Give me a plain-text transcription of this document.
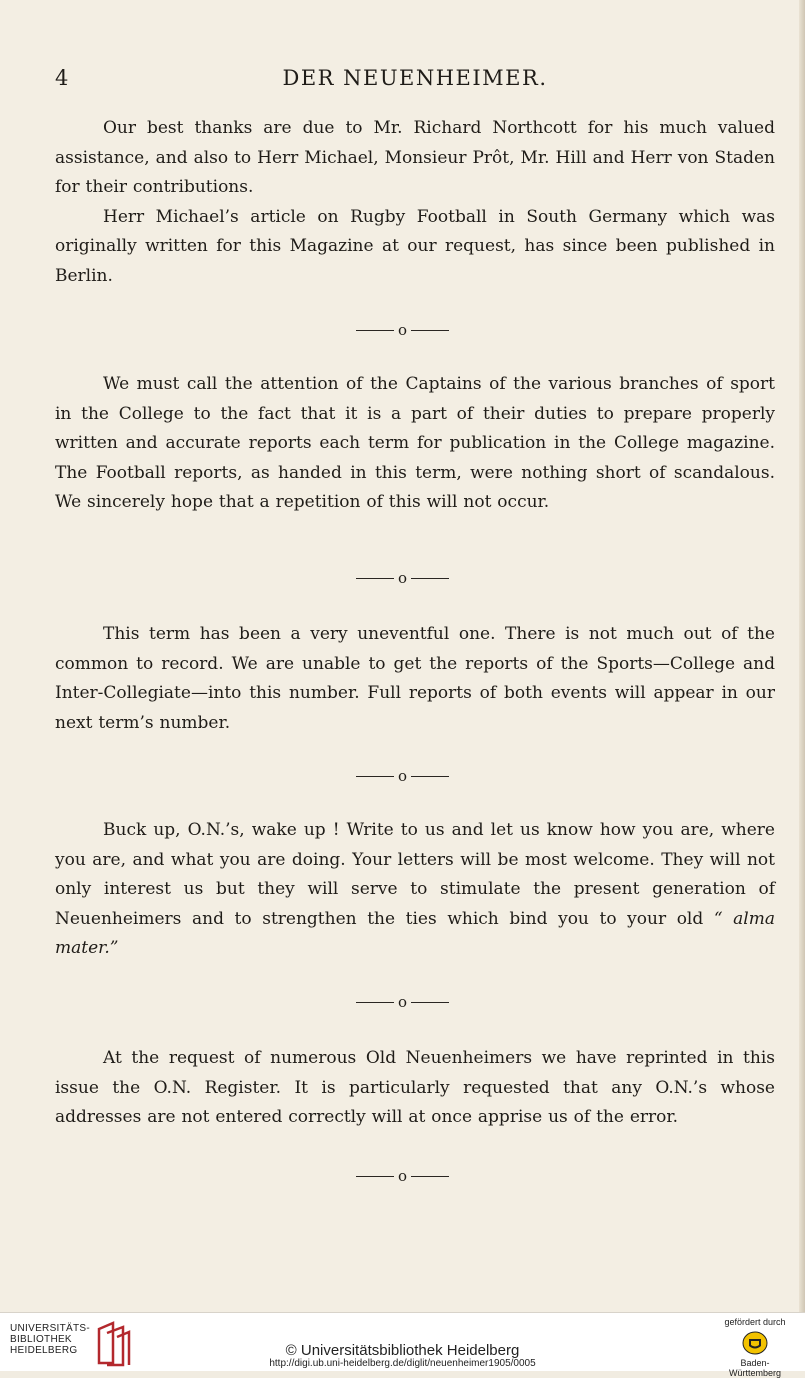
4	DER NEUENHEIMER.

Our best thanks are due to Mr. Richard Northcott for his much valued assistance, and also to Herr Michael, Monsieur Prôt, Mr. Hill and Herr von Staden for their contributions.

Herr Michael’s article on Rugby Football in South Germany which was originally written for this Magazine at our request, has since been published in Berlin.

o

We must call the attention of the Captains of the various branches of sport in the College to the fact that it is a part of their duties to prepare properly written and accurate reports each term for publication in the College magazine. The Football reports, as handed in this term, were nothing short of scandalous. We sincerely hope that a repetition of this will not occur.

o

This term has been a very uneventful one. There is not much out of the common to record. We are unable to get the reports of the Sports—College and Inter-Collegiate—into this number. Full reports of both events will appear in our next term’s number.

o

Buck up, O.N.’s, wake up ! Write to us and let us know how you are, where you are, and what you are doing. Your letters will be most welcome. They will not only interest us but they will serve to stimulate the present generation of Neuenheimers and to strengthen the ties which bind you to your old “ alma mater.”

o

At the request of numerous Old Neuenheimers we have reprinted in this issue the O.N. Register. It is particularly requested that any O.N.’s whose addresses are not entered correctly will at once apprise us of the error.

o
UNIVERSITÄTS-
BIBLIOTHEK
HEIDELBERG	© Universitätsbibliothek Heidelberg
http://digi.ub.uni-heidelberg.de/diglit/neuenheimer1905/0005
gefördert durch
Baden-Württemberg
